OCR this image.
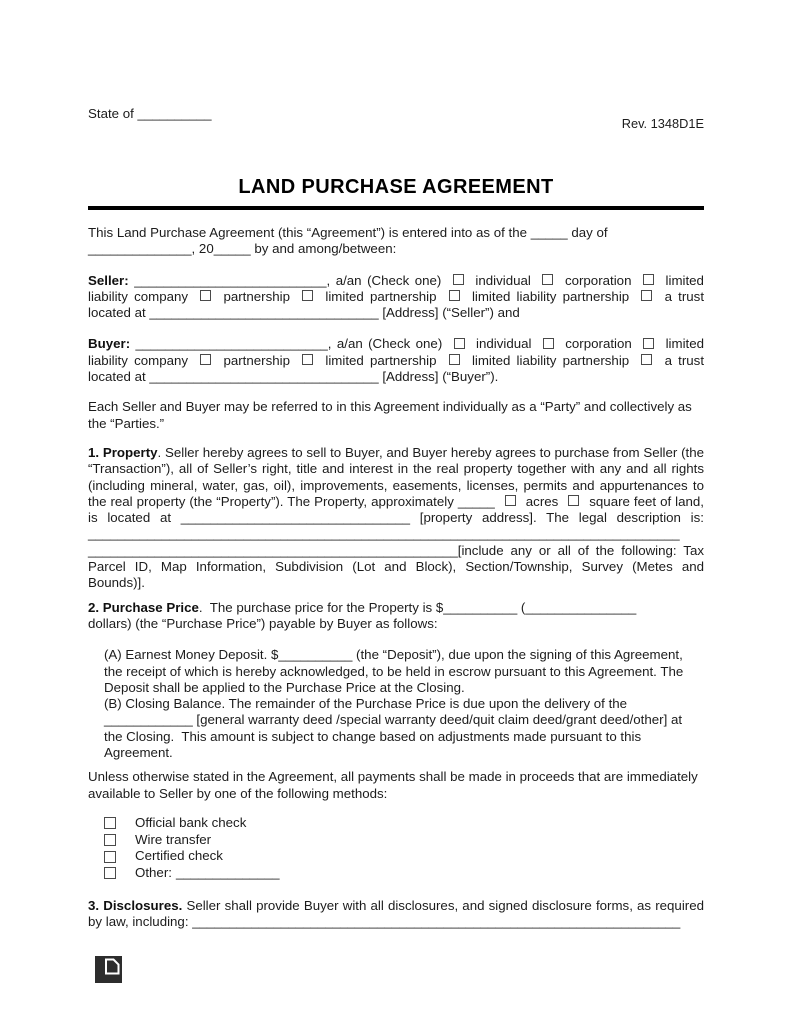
State of __________
Rev. 1348D1E
LAND PURCHASE AGREEMENT

This Land Purchase Agreement (this “Agreement”) is entered into as of the _____ day of ______________, 20_____ by and among/between:

Seller: __________________________, a/an (Check one)	individual	corporation	limited liability company	partnership	limited partnership	limited liability partnership	a trust located at _______________________________ [Address] (“Seller”) and

Buyer: __________________________, a/an (Check one)	individual	corporation	limited liability company	partnership	limited partnership	limited liability partnership	a trust located at _______________________________ [Address] (“Buyer”).

Each Seller and Buyer may be referred to in this Agreement individually as a “Party” and collectively as the “Parties.”

1. Property. Seller hereby agrees to sell to Buyer, and Buyer hereby agrees to purchase from Seller (the “Transaction”), all of Seller’s right, title and interest in the real property together with any and all rights (including mineral, water, gas, oil), improvements, easements, licenses, permits and appurtenances to the real property (the “Property”). The Property, approximately _____ acres square feet of land, is located at _______________________________ [property address]. The legal description is: ________________________________________________________________________________ __________________________________________________[include any or all of the following: Tax Parcel ID, Map Information, Subdivision (Lot and Block), Section/Township, Survey (Metes and Bounds)].

2. Purchase Price.  The purchase price for the Property is $__________ (_______________
dollars) (the “Purchase Price”) payable by Buyer as follows:

(A) Earnest Money Deposit. $__________ (the “Deposit”), due upon the signing of this Agreement, the receipt of which is hereby acknowledged, to be held in escrow pursuant to this Agreement. The Deposit shall be applied to the Purchase Price at the Closing.

(B) Closing Balance. The remainder of the Purchase Price is due upon the delivery of the ____________ [general warranty deed /special warranty deed/quit claim deed/grant deed/other] at the Closing.  This amount is subject to change based on adjustments made pursuant to this Agreement.

Unless otherwise stated in the Agreement, all payments shall be made in proceeds that are immediately available to Seller by one of the following methods:

Official bank check
Wire transfer
Certified check
Other: ______________

3. Disclosures. Seller shall provide Buyer with all disclosures, and signed disclosure forms, as required by law, including: __________________________________________________________________
